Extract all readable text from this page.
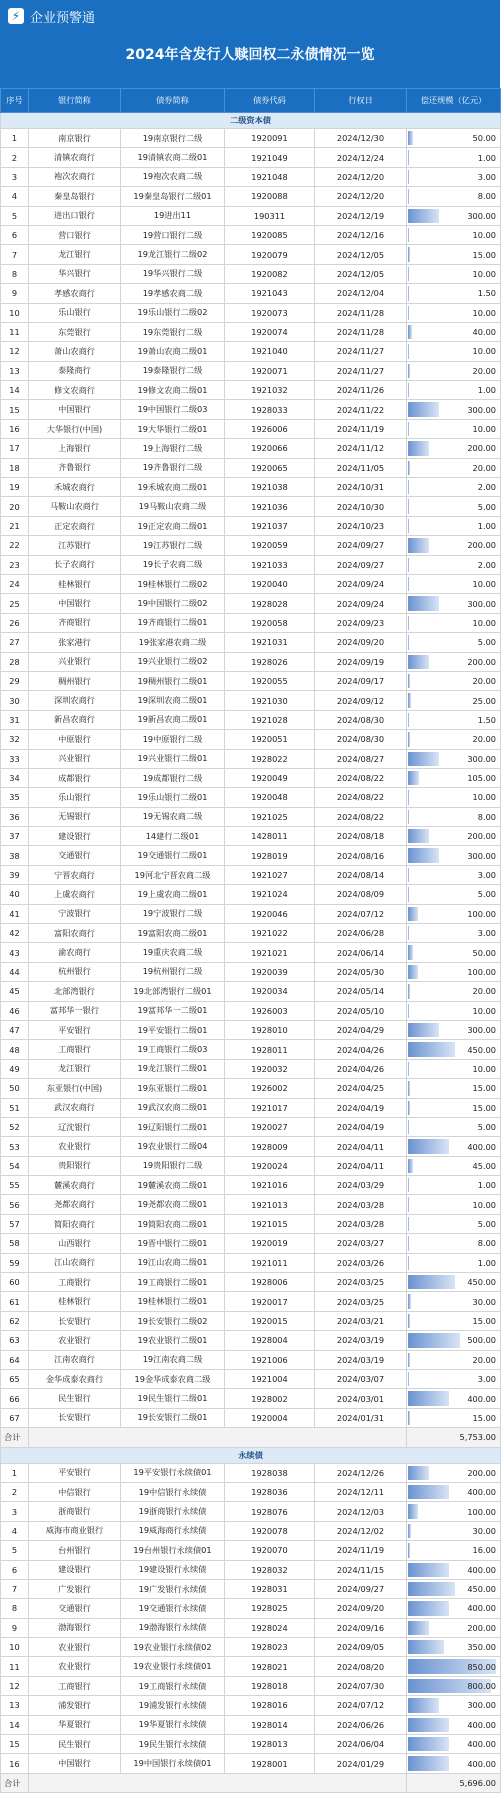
⚡ 企业预警通
2024年含发行人赎回权二永债情况一览
序号	银行简称	债券简称	债券代码	行权日	偿还规模（亿元）
二级资本债					
1	南京银行	19南京银行二级	1920091	2024/12/30	50.00
2	清镇农商行	19清镇农商二级01	1921049	2024/12/24	1.00
3	袍次农商行	19袍次农商二级	1921048	2024/12/20	3.00
4	秦皇岛银行	19秦皇岛银行二级01	1920088	2024/12/20	8.00
5	进出口银行	19进出11	190311	2024/12/19	300.00
6	营口银行	19营口银行二级	1920085	2024/12/16	10.00
7	龙江银行	19龙江银行二级02	1920079	2024/12/05	15.00
8	华兴银行	19华兴银行二级	1920082	2024/12/05	10.00
9	孝感农商行	19孝感农商二级	1921043	2024/12/04	1.50
10	乐山银行	19乐山银行二级02	1920073	2024/11/28	10.00
11	东莞银行	19东莞银行二级	1920074	2024/11/28	40.00
12	萧山农商行	19萧山农商二级01	1921040	2024/11/27	10.00
13	泰隆商行	19泰隆银行二级	1920071	2024/11/27	20.00
14	修文农商行	19修文农商二级01	1921032	2024/11/26	1.00
15	中国银行	19中国银行二级03	1928033	2024/11/22	300.00
16	大华银行(中国)	19大华银行二级01	1926006	2024/11/19	10.00
17	上海银行	19上海银行二级	1920066	2024/11/12	200.00
18	齐鲁银行	19齐鲁银行二级	1920065	2024/11/05	20.00
19	禾城农商行	19禾城农商二级01	1921038	2024/10/31	2.00
20	马鞍山农商行	19马鞍山农商二级	1921036	2024/10/30	5.00
21	正定农商行	19正定农商二级01	1921037	2024/10/23	1.00
22	江苏银行	19江苏银行二级	1920059	2024/09/27	200.00
23	长子农商行	19长子农商二级	1921033	2024/09/27	2.00
24	桂林银行	19桂林银行二级02	1920040	2024/09/24	10.00
25	中国银行	19中国银行二级02	1928028	2024/09/24	300.00
26	齐商银行	19齐商银行二级01	1920058	2024/09/23	10.00
27	张家港行	19张家港农商二级	1921031	2024/09/20	5.00
28	兴业银行	19兴业银行二级02	1928026	2024/09/19	200.00
29	稠州银行	19稠州银行二级01	1920055	2024/09/17	20.00
30	深圳农商行	19深圳农商二级01	1921030	2024/09/12	25.00
31	新昌农商行	19新昌农商二级01	1921028	2024/08/30	1.50
32	中原银行	19中原银行二级	1920051	2024/08/30	20.00
33	兴业银行	19兴业银行二级01	1928022	2024/08/27	300.00
34	成都银行	19成都银行二级	1920049	2024/08/22	105.00
35	乐山银行	19乐山银行二级01	1920048	2024/08/22	10.00
36	无锡银行	19无锡农商二级	1921025	2024/08/22	8.00
37	建设银行	14建行二级01	1428011	2024/08/18	200.00
38	交通银行	19交通银行二级01	1928019	2024/08/16	300.00
39	宁晋农商行	19河北宁晋农商二级	1921027	2024/08/14	3.00
40	上虞农商行	19上虞农商二级01	1921024	2024/08/09	5.00
41	宁波银行	19宁波银行二级	1920046	2024/07/12	100.00
42	富阳农商行	19富阳农商二级01	1921022	2024/06/28	3.00
43	渝农商行	19重庆农商二级	1921021	2024/06/14	50.00
44	杭州银行	19杭州银行二级	1920039	2024/05/30	100.00
45	北部湾银行	19北部湾银行二级01	1920034	2024/05/14	20.00
46	富邦华一银行	19富邦华一二级01	1926003	2024/05/10	10.00
47	平安银行	19平安银行二级01	1928010	2024/04/29	300.00
48	工商银行	19工商银行二级03	1928011	2024/04/26	450.00
49	龙江银行	19龙江银行二级01	1920032	2024/04/26	10.00
50	东亚银行(中国)	19东亚银行二级01	1926002	2024/04/25	15.00
51	武汉农商行	19武汉农商二级01	1921017	2024/04/19	15.00
52	辽沈银行	19辽阳银行二级01	1920027	2024/04/19	5.00
53	农业银行	19农业银行二级04	1928009	2024/04/11	400.00
54	贵阳银行	19贵阳银行二级	1920024	2024/04/11	45.00
55	麓溪农商行	19麓溪农商二级01	1921016	2024/03/29	1.00
56	尧都农商行	19尧都农商二级01	1921013	2024/03/28	10.00
57	简阳农商行	19简阳农商二级01	1921015	2024/03/28	5.00
58	山西银行	19晋中银行二级01	1920019	2024/03/27	8.00
59	江山农商行	19江山农商二级01	1921011	2024/03/26	1.00
60	工商银行	19工商银行二级01	1928006	2024/03/25	450.00
61	桂林银行	19桂林银行二级01	1920017	2024/03/25	30.00
62	长安银行	19长安银行二级02	1920015	2024/03/21	15.00
63	农业银行	19农业银行二级01	1928004	2024/03/19	500.00
64	江南农商行	19江南农商二级	1921006	2024/03/19	20.00
65	金华成泰农商行	19金华成泰农商二级	1921004	2024/03/07	3.00
66	民生银行	19民生银行二级01	1928002	2024/03/01	400.00
67	长安银行	19长安银行二级01	1920004	2024/01/31	15.00
合计					5,753.00
永续债					
1	平安银行	19平安银行永续债01	1928038	2024/12/26	200.00
2	中信银行	19中信银行永续债	1928036	2024/12/11	400.00
3	浙商银行	19浙商银行永续债	1928076	2024/12/03	100.00
4	威海市商业银行	19威海商行永续债	1920078	2024/12/02	30.00
5	台州银行	19台州银行永续债01	1920070	2024/11/19	16.00
6	建设银行	19建设银行永续债	1928032	2024/11/15	400.00
7	广发银行	19广发银行永续债	1928031	2024/09/27	450.00
8	交通银行	19交通银行永续债	1928025	2024/09/20	400.00
9	渤海银行	19渤海银行永续债	1928024	2024/09/16	200.00
10	农业银行	19农业银行永续债02	1928023	2024/09/05	350.00
11	农业银行	19农业银行永续债01	1928021	2024/08/20	850.00
12	工商银行	19工商银行永续债	1928018	2024/07/30	800.00
13	浦发银行	19浦发银行永续债	1928016	2024/07/12	300.00
14	华夏银行	19华夏银行永续债	1928014	2024/06/26	400.00
15	民生银行	19民生银行永续债	1928013	2024/06/04	400.00
16	中国银行	19中国银行永续债01	1928001	2024/01/29	400.00
合计					5,696.00
